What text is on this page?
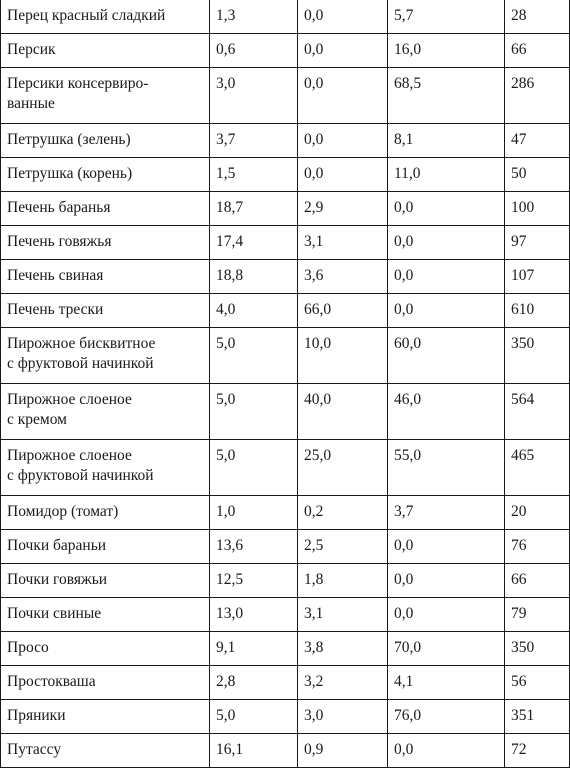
Перец красный сладкий	1,3	0,0	5,7	28
Персик	0,6	0,0	16,0	66
Персики консервиро-
ванные	3,0	0,0	68,5	286
Петрушка (зелень)	3,7	0,0	8,1	47
Петрушка (корень)	1,5	0,0	11,0	50
Печень баранья	18,7	2,9	0,0	100
Печень говяжья	17,4	3,1	0,0	97
Печень свиная	18,8	3,6	0,0	107
Печень трески	4,0	66,0	0,0	610
Пирожное бисквитное
с фруктовой начинкой	5,0	10,0	60,0	350
Пирожное слоеное
с кремом	5,0	40,0	46,0	564
Пирожное слоеное
с фруктовой начинкой	5,0	25,0	55,0	465
Помидор (томат)	1,0	0,2	3,7	20
Почки бараньи	13,6	2,5	0,0	76
Почки говяжьи	12,5	1,8	0,0	66
Почки свиные	13,0	3,1	0,0	79
Просо	9,1	3,8	70,0	350
Простокваша	2,8	3,2	4,1	56
Пряники	5,0	3,0	76,0	351
Путассу	16,1	0,9	0,0	72
